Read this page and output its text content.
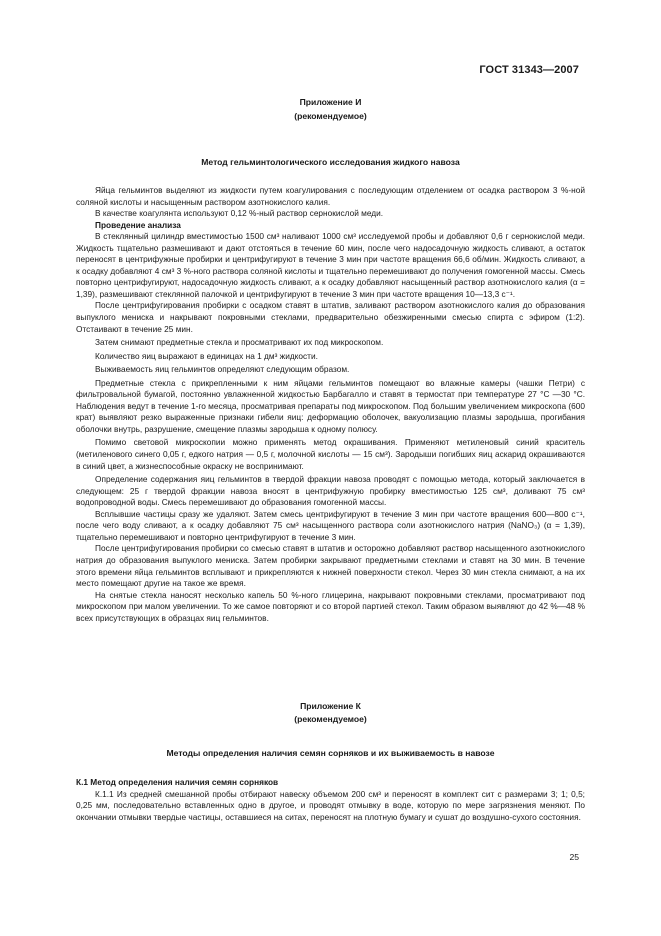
ГОСТ 31343—2007
Приложение И
(рекомендуемое)
Метод гельминтологического исследования жидкого навоза

Яйца гельминтов выделяют из жидкости путем коагулирования с последующим отделением от осадка раствором 3 %-ной соляной кислоты и насыщенным раствором азотнокислого калия.

В качестве коагулянта используют 0,12 %-ный раствор сернокислой меди.

Проведение анализа

В стеклянный цилиндр вместимостью 1500 см³ наливают 1000 см³ исследуемой пробы и добавляют 0,6 г сернокислой меди. Жидкость тщательно размешивают и дают отстояться в течение 60 мин, после чего надосадочную жидкость сливают, а остаток переносят в центрифужные пробирки и центрифугируют в течение 3 мин при частоте вращения 66,6 об/мин. Жидкость сливают, а к осадку добавляют 4 см³ 3 %-ного раствора соляной кислоты и тщательно перемешивают до получения гомогенной массы. Смесь повторно центрифугируют, надосадочную жидкость сливают, а к осадку добавляют насыщенный раствор азотнокислого калия (α = 1,39), размешивают стеклянной палочкой и центрифугируют в течение 3 мин при частоте вращения 10—13,3 с⁻¹.

После центрифугирования пробирки с осадком ставят в штатив, заливают раствором азотнокислого калия до образования выпуклого мениска и накрывают покровными стеклами, предварительно обезжиренными смесью спирта с эфиром (1:2). Отстаивают в течение 25 мин.

Затем снимают предметные стекла и просматривают их под микроскопом.

Количество яиц выражают в единицах на 1 дм³ жидкости.

Выживаемость яиц гельминтов определяют следующим образом.

Предметные стекла с прикрепленными к ним яйцами гельминтов помещают во влажные камеры (чашки Петри) с фильтровальной бумагой, постоянно увлажненной жидкостью Барбагалло и ставят в термостат при температуре 27 °С —30 °С. Наблюдения ведут в течение 1-го месяца, просматривая препараты под микроскопом. Под большим увеличением микроскопа (600 крат) выявляют резко выраженные признаки гибели яиц: деформацию оболочек, вакуолизацию плазмы зародыша, прогибания оболочки внутрь, разрушение, смещение плазмы зародыша к одному полюсу.

Помимо световой микроскопии можно применять метод окрашивания. Применяют метиленовый синий краситель (метиленового синего 0,05 г, едкого натрия — 0,5 г, молочной кислоты — 15 см³). Зародыши погибших яиц аскарид окрашиваются в синий цвет, а жизнеспособные окраску не воспринимают.

Определение содержания яиц гельминтов в твердой фракции навоза проводят с помощью метода, который заключается в следующем: 25 г твердой фракции навоза вносят в центрифужную пробирку вместимостью 125 см³, доливают 75 см³ водопроводной воды. Смесь перемешивают до образования гомогенной массы.

Всплывшие частицы сразу же удаляют. Затем смесь центрифугируют в течение 3 мин при частоте вращения 600—800 с⁻¹, после чего воду сливают, а к осадку добавляют 75 см³ насыщенного раствора соли азотнокислого натрия (NaNO₃) (α = 1,39), тщательно перемешивают и повторно центрифугируют в течение 3 мин.

После центрифугирования пробирки со смесью ставят в штатив и осторожно добавляют раствор насыщенного азотнокислого натрия до образования выпуклого мениска. Затем пробирки закрывают предметными стеклами и ставят на 30 мин. В течение этого времени яйца гельминтов всплывают и прикрепляются к нижней поверхности стекол. Через 30 мин стекла снимают, а на их место помещают другие на такое же время.

На снятые стекла наносят несколько капель 50 %-ного глицерина, накрывают покровными стеклами, просматривают под микроскопом при малом увеличении. То же самое повторяют и со второй партией стекол. Таким образом выявляют до 42 %—48 % всех присутствующих в образцах яиц гельминтов.

Приложение К
(рекомендуемое)
Методы определения наличия семян сорняков и их выживаемость в навозе

К.1 Метод определения наличия семян сорняков

К.1.1 Из средней смешанной пробы отбирают навеску объемом 200 см³ и переносят в комплект сит с размерами 3; 1; 0,5; 0,25 мм, последовательно вставленных одно в другое, и проводят отмывку в воде, которую по мере загрязнения меняют. По окончании отмывки твердые частицы, оставшиеся на ситах, переносят на плотную бумагу и сушат до воздушно-сухого состояния.

25
